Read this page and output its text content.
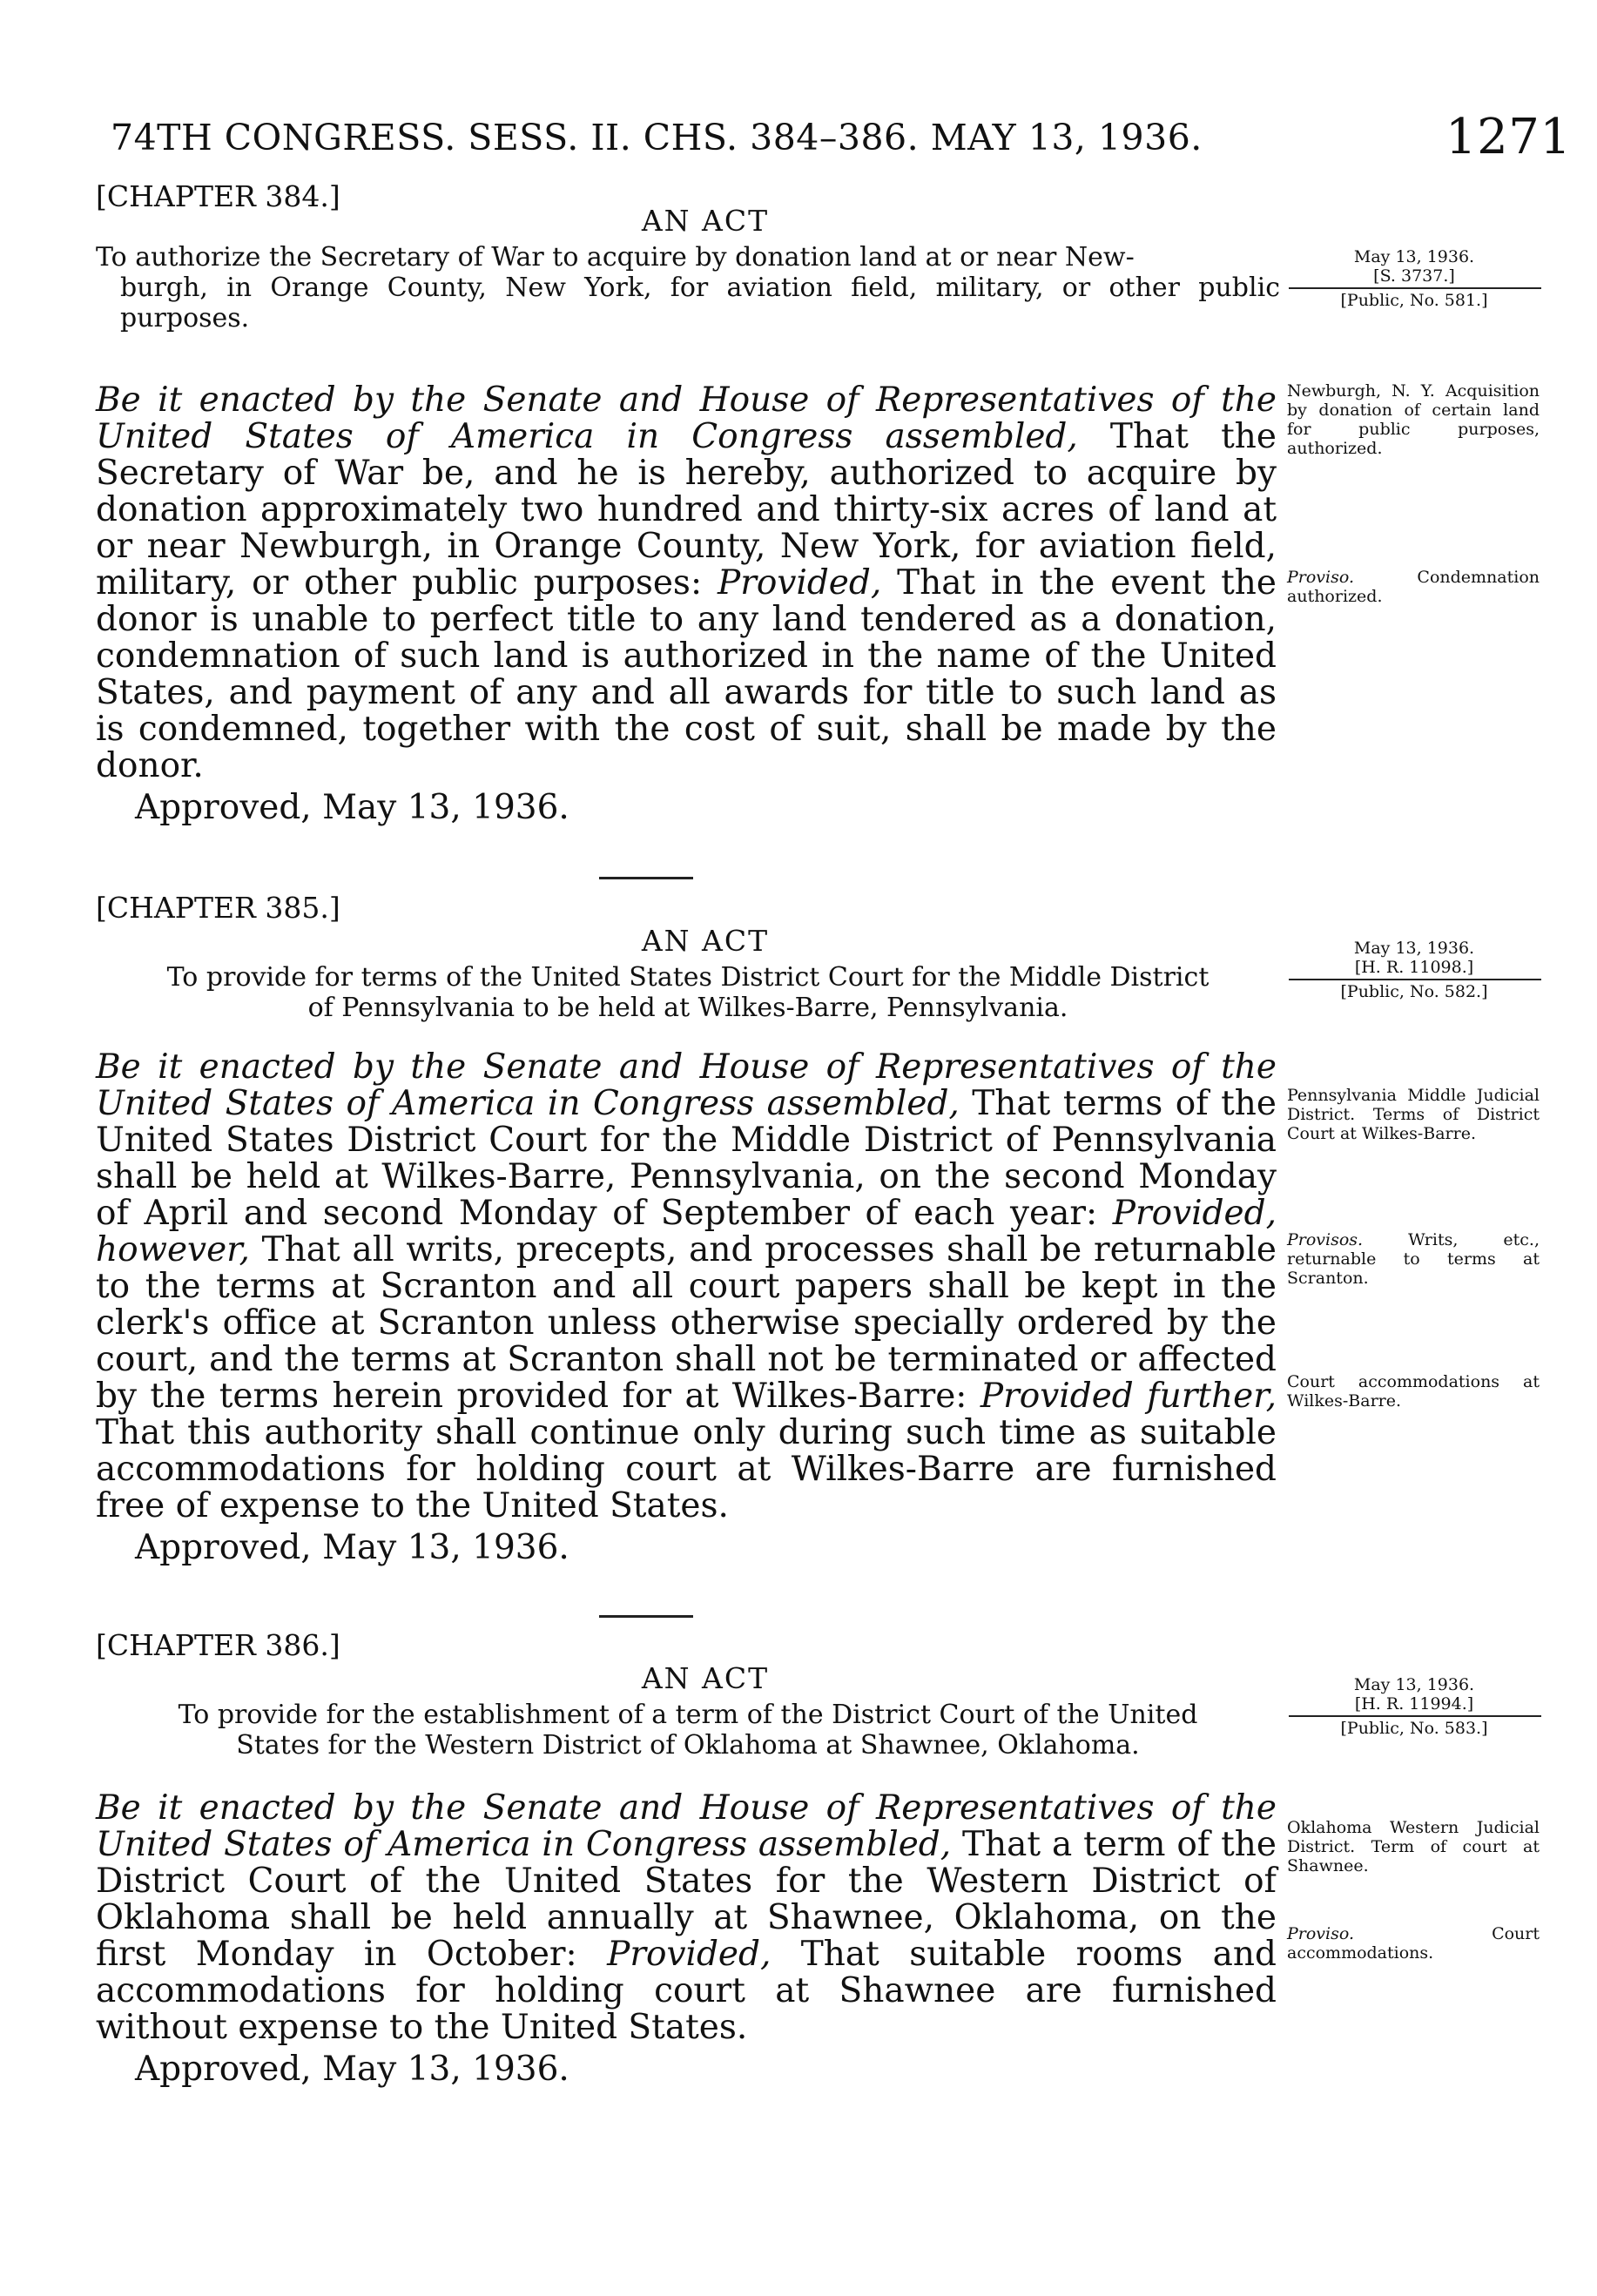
74TH CONGRESS. SESS. II. CHS. 384–386. MAY 13, 1936.	1271
[CHAPTER 384.]
AN ACT
To authorize the Secretary of War to acquire by donation land at or near New-
burgh, in Orange County, New York, for aviation field, military, or other public purposes.
Be it enacted by the Senate and House of Representatives of the United States of America in Congress assembled, That the Secretary of War be, and he is hereby, authorized to acquire by donation approximately two hundred and thirty-six acres of land at or near Newburgh, in Orange County, New York, for aviation field, military, or other public purposes: Provided, That in the event the donor is unable to perfect title to any land tendered as a donation, condemnation of such land is authorized in the name of the United States, and payment of any and all awards for title to such land as is condemned, together with the cost of suit, shall be made by the donor.
Approved, May 13, 1936.
May 13, 1936.
[S. 3737.]
[Public, No. 581.]
Newburgh, N. Y. Acquisition by donation of certain land for public purposes, authorized.
Proviso.	Condemnation authorized.
[CHAPTER 385.]
AN ACT
To provide for terms of the United States District Court for the Middle District
of Pennsylvania to be held at Wilkes-Barre, Pennsylvania.
Be it enacted by the Senate and House of Representatives of the United States of America in Congress assembled, That terms of the United States District Court for the Middle District of Pennsylvania shall be held at Wilkes-Barre, Pennsylvania, on the second Monday of April and second Monday of September of each year: Provided, however, That all writs, precepts, and processes shall be returnable to the terms at Scranton and all court papers shall be kept in the clerk's office at Scranton unless otherwise specially ordered by the court, and the terms at Scranton shall not be terminated or affected by the terms herein provided for at Wilkes-Barre: Provided further, That this authority shall continue only during such time as suitable accommodations for holding court at Wilkes-Barre are furnished free of expense to the United States.
Approved, May 13, 1936.
May 13, 1936.
[H. R. 11098.]
[Public, No. 582.]
Pennsylvania Middle Judicial District. Terms of District Court at Wilkes-Barre.
Provisos.	Writs, etc., returnable to terms at Scranton.
Court accommodations at Wilkes-Barre.
[CHAPTER 386.]
AN ACT
To provide for the establishment of a term of the District Court of the United
States for the Western District of Oklahoma at Shawnee, Oklahoma.
Be it enacted by the Senate and House of Representatives of the United States of America in Congress assembled, That a term of the District Court of the United States for the Western District of Oklahoma shall be held annually at Shawnee, Oklahoma, on the first Monday in October: Provided, That suitable rooms and accommodations for holding court at Shawnee are furnished without expense to the United States.
Approved, May 13, 1936.
May 13, 1936.
[H. R. 11994.]
[Public, No. 583.]
Oklahoma Western Judicial District. Term of court at Shawnee.
Proviso.	Court accommodations.
